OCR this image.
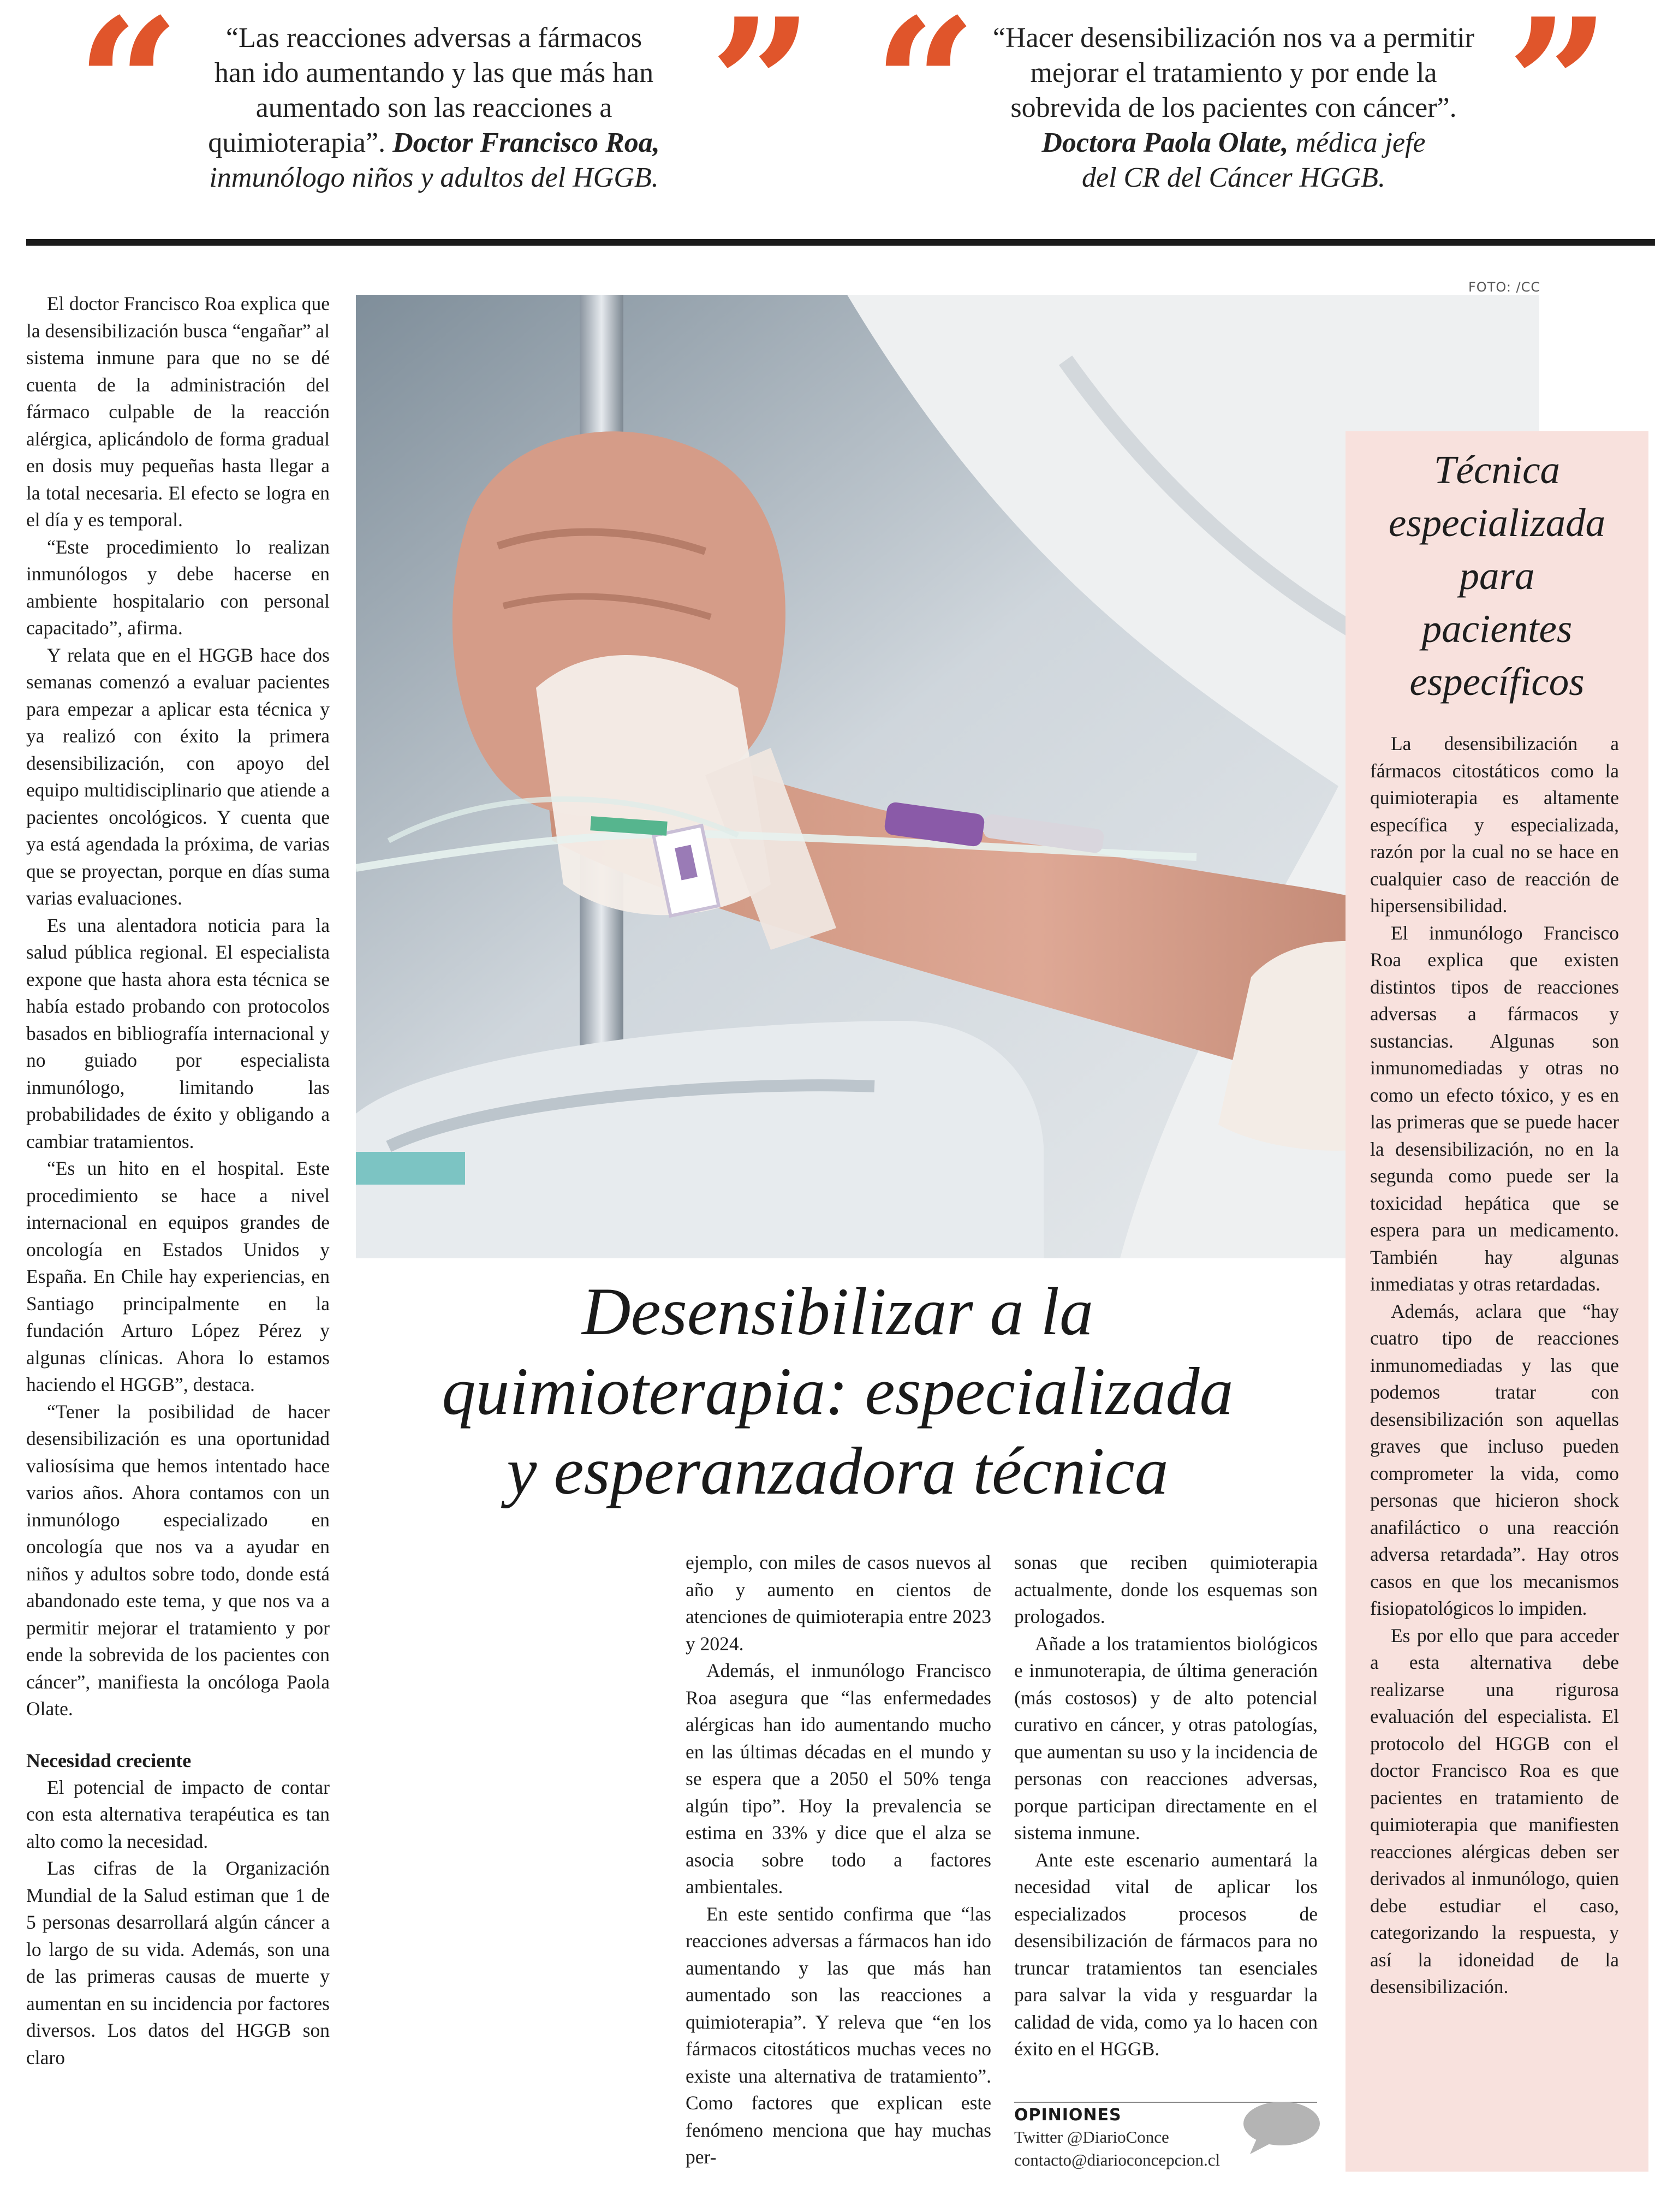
“	“Las reacciones adversas a fármacos
han ido aumentando y las que más han
aumentado son las reacciones a
quimioterapia”. Doctor Francisco Roa,
inmunólogo niños y adultos del HGGB. ” “ “Hacer desensibilización nos va a permitir
mejorar el tratamiento y por ende la
sobrevida de los pacientes con cáncer”.
Doctora Paola Olate, médica jefe
del CR del Cáncer HGGB. ”

El doctor Francisco Roa explica que la desensibilización busca “engañar” al sistema inmune para que no se dé cuenta de la administración del fármaco culpable de la reacción alérgica, aplicándolo de forma gradual en dosis muy pequeñas hasta llegar a la total necesaria. El efecto se logra en el día y es temporal.

“Este procedimiento lo realizan inmunólogos y debe hacerse en ambiente hospitalario con personal capacitado”, afirma.

Y relata que en el HGGB hace dos semanas comenzó a evaluar pacientes para empezar a aplicar esta técnica y ya realizó con éxito la primera desensibilización, con apoyo del equipo multidisciplinario que atiende a pacientes oncológicos. Y cuenta que ya está agendada la próxima, de varias que se proyectan, porque en días suma varias evaluaciones.

Es una alentadora noticia para la salud pública regional. El especialista expone que hasta ahora esta técnica se había estado probando con protocolos basados en bibliografía internacional y no guiado por especialista inmunólogo, limitando las probabilidades de éxito y obligando a cambiar tratamientos.

“Es un hito en el hospital. Este procedimiento se hace a nivel internacional en equipos grandes de oncología en Estados Unidos y España. En Chile hay experiencias, en Santiago principalmente en la fundación Arturo López Pérez y algunas clínicas. Ahora lo estamos haciendo el HGGB”, destaca.

“Tener la posibilidad de hacer desensibilización es una oportunidad valiosísima que hemos intentado hace varios años. Ahora contamos con un inmunólogo especializado en oncología que nos va a ayudar en niños y adultos sobre todo, donde está abandonado este tema, y que nos va a permitir mejorar el tratamiento y por ende la sobrevida de los pacientes con cáncer”, manifiesta la oncóloga Paola Olate.

Necesidad creciente

El potencial de impacto de contar con esta alternativa terapéutica es tan alto como la necesidad.

Las cifras de la Organización Mundial de la Salud estiman que 1 de 5 personas desarrollará algún cáncer a lo largo de su vida. Además, son una de las primeras causas de muerte y aumentan en su incidencia por factores diversos. Los datos del HGGB son claro

FOTO: /CC
Desensibilizar a la
quimioterapia: especializada
y esperanzadora técnica

ejemplo, con miles de casos nuevos al año y aumento en cientos de atenciones de quimioterapia entre 2023 y 2024.

Además, el inmunólogo Francisco Roa asegura que “las enfermedades alérgicas han ido aumentando mucho en las últimas décadas en el mundo y se espera que a 2050 el 50% tenga algún tipo”. Hoy la prevalencia se estima en 33% y dice que el alza se asocia sobre todo a factores ambientales.

En este sentido confirma que “las reacciones adversas a fármacos han ido aumentando y las que más han aumentado son las reacciones a quimioterapia”. Y releva que “en los fármacos citostáticos muchas veces no existe una alternativa de tratamiento”. Como factores que explican este fenómeno menciona que hay muchas per-

sonas que reciben quimioterapia actualmente, donde los esquemas son prologados.

Añade a los tratamientos biológicos e inmunoterapia, de última generación (más costosos) y de alto potencial curativo en cáncer, y otras patologías, que aumentan su uso y la incidencia de personas con reacciones adversas, porque participan directamente en el sistema inmune.

Ante este escenario aumentará la necesidad vital de aplicar los especializados procesos de desensibilización de fármacos para no truncar tratamientos tan esenciales para salvar la vida y resguardar la calidad de vida, como ya lo hacen con éxito en el HGGB.

OPINIONES
Twitter @DiarioConce
contacto@diarioconcepcion.cl
Técnica
especializada
para
pacientes
específicos

La desensibilización a fármacos citostáticos como la quimioterapia es altamente específica y especializada, razón por la cual no se hace en cualquier caso de reacción de hipersensibilidad.

El inmunólogo Francisco Roa explica que existen distintos tipos de reacciones adversas a fármacos y sustancias. Algunas son inmunomediadas y otras no como un efecto tóxico, y es en las primeras que se puede hacer la desensibilización, no en la segunda como puede ser la toxicidad hepática que se espera para un medicamento. También hay algunas inmediatas y otras retardadas.

Además, aclara que “hay cuatro tipo de reacciones inmunomediadas y las que podemos tratar con desensibilización son aquellas graves que incluso pueden comprometer la vida, como personas que hicieron shock anafiláctico o una reacción adversa retardada”. Hay otros casos en que los mecanismos fisiopatológicos lo impiden.

Es por ello que para acceder a esta alternativa debe realizarse una rigurosa evaluación del especialista. El protocolo del HGGB con el doctor Francisco Roa es que pacientes en tratamiento de quimioterapia que manifiesten reacciones alérgicas deben ser derivados al inmunólogo, quien debe estudiar el caso, categorizando la respuesta, y así la idoneidad de la desensibilización.
